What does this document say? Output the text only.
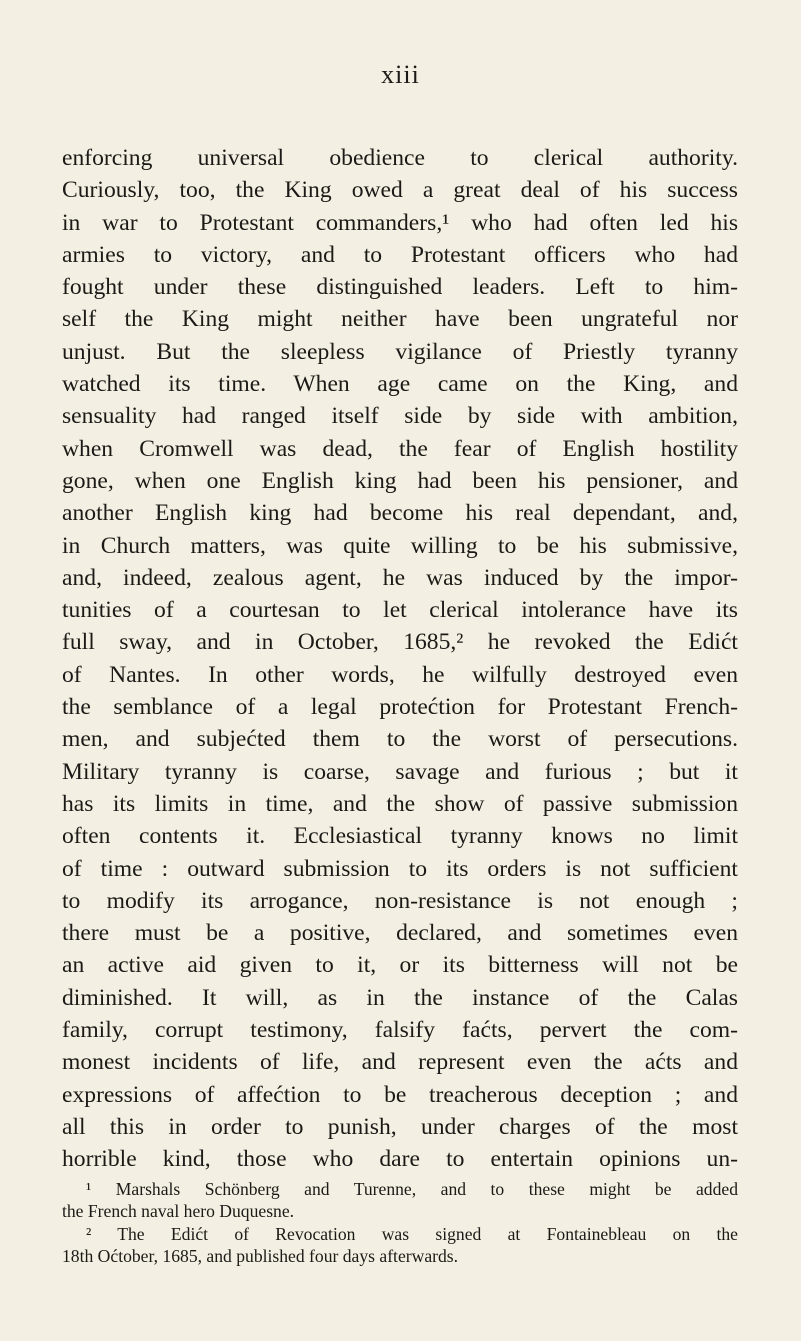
xiii
enforcing universal obedience to clerical authority.
Curiously, too, the King owed a great deal of his success
in war to Protestant commanders,¹ who had often led his
armies to victory, and to Protestant officers who had
fought under these distinguished leaders. Left to him-
self the King might neither have been ungrateful nor
unjust. But the sleepless vigilance of Priestly tyranny
watched its time. When age came on the King, and
sensuality had ranged itself side by side with ambition,
when Cromwell was dead, the fear of English hostility
gone, when one English king had been his pensioner, and
another English king had become his real dependant, and,
in Church matters, was quite willing to be his submissive,
and, indeed, zealous agent, he was induced by the impor-
tunities of a courtesan to let clerical intolerance have its
full sway, and in October, 1685,² he revoked the Edićt
of Nantes. In other words, he wilfully destroyed even
the semblance of a legal protećtion for Protestant French-
men, and subjećted them to the worst of persecutions.
Military tyranny is coarse, savage and furious ; but it
has its limits in time, and the show of passive submission
often contents it. Ecclesiastical tyranny knows no limit
of time : outward submission to its orders is not sufficient
to modify its arrogance, non-resistance is not enough ;
there must be a positive, declared, and sometimes even
an active aid given to it, or its bitterness will not be
diminished. It will, as in the instance of the Calas
family, corrupt testimony, falsify faćts, pervert the com-
monest incidents of life, and represent even the aćts and
expressions of affećtion to be treacherous deception ; and
all this in order to punish, under charges of the most
horrible kind, those who dare to entertain opinions un-
¹ Marshals Schönberg and Turenne, and to these might be added
the French naval hero Duquesne.
² The Edićt of Revocation was signed at Fontainebleau on the
18th Oćtober, 1685, and published four days afterwards.
